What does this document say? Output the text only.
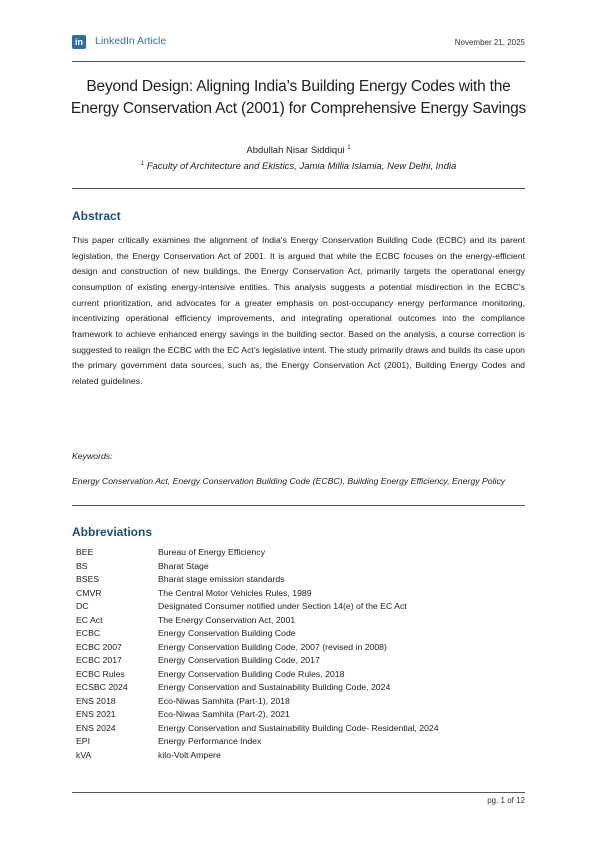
in LinkedIn Article	November 21, 2025
Beyond Design: Aligning India’s Building Energy Codes with the
Energy Conservation Act (2001) for Comprehensive Energy Savings
Abdullah Nisar Siddiqui $^1$
$^1$ Faculty of Architecture and Ekistics, Jamia Millia Islamia, New Delhi, India
Abstract
This paper critically examines the alignment of India's Energy Conservation Building Code (ECBC) and its parent legislation, the Energy Conservation Act of 2001. It is argued that while the ECBC focuses on the energy-efficient design and construction of new buildings, the Energy Conservation Act, primarily targets the operational energy consumption of existing energy-intensive entities. This analysis suggests a potential misdirection in the ECBC's current prioritization, and advocates for a greater emphasis on post-occupancy energy performance monitoring, incentivizing operational efficiency improvements, and integrating operational outcomes into the compliance framework to achieve enhanced energy savings in the building sector. Based on the analysis, a course correction is suggested to realign the ECBC with the EC Act's legislative intent. The study primarily draws and builds its case upon the primary government data sources, such as, the Energy Conservation Act (2001), Building Energy Codes and related guidelines.
Keywords:
Energy Conservation Act, Energy Conservation Building Code (ECBC), Building Energy Efficiency, Energy Policy
Abbreviations
BEE	Bureau of Energy Efficiency
BS	Bharat Stage
BSES	Bharat stage emission standards
CMVR	The Central Motor Vehicles Rules, 1989
DC	Designated Consumer notified under Section 14(e) of the EC Act
EC Act	The Energy Conservation Act, 2001
ECBC	Energy Conservation Building Code
ECBC 2007	Energy Conservation Building Code, 2007 (revised in 2008)
ECBC 2017	Energy Conservation Building Code, 2017
ECBC Rules	Energy Conservation Building Code Rules, 2018
ECSBC 2024	Energy Conservation and Sustainability Building Code, 2024
ENS 2018	Eco-Niwas Samhita (Part-1), 2018
ENS 2021	Eco-Niwas Samhita (Part-2), 2021
ENS 2024	Energy Conservation and Sustainability Building Code- Residential, 2024
EPI	Energy Performance Index
kVA	kilo-Volt Ampere
pg. 1 of 12
